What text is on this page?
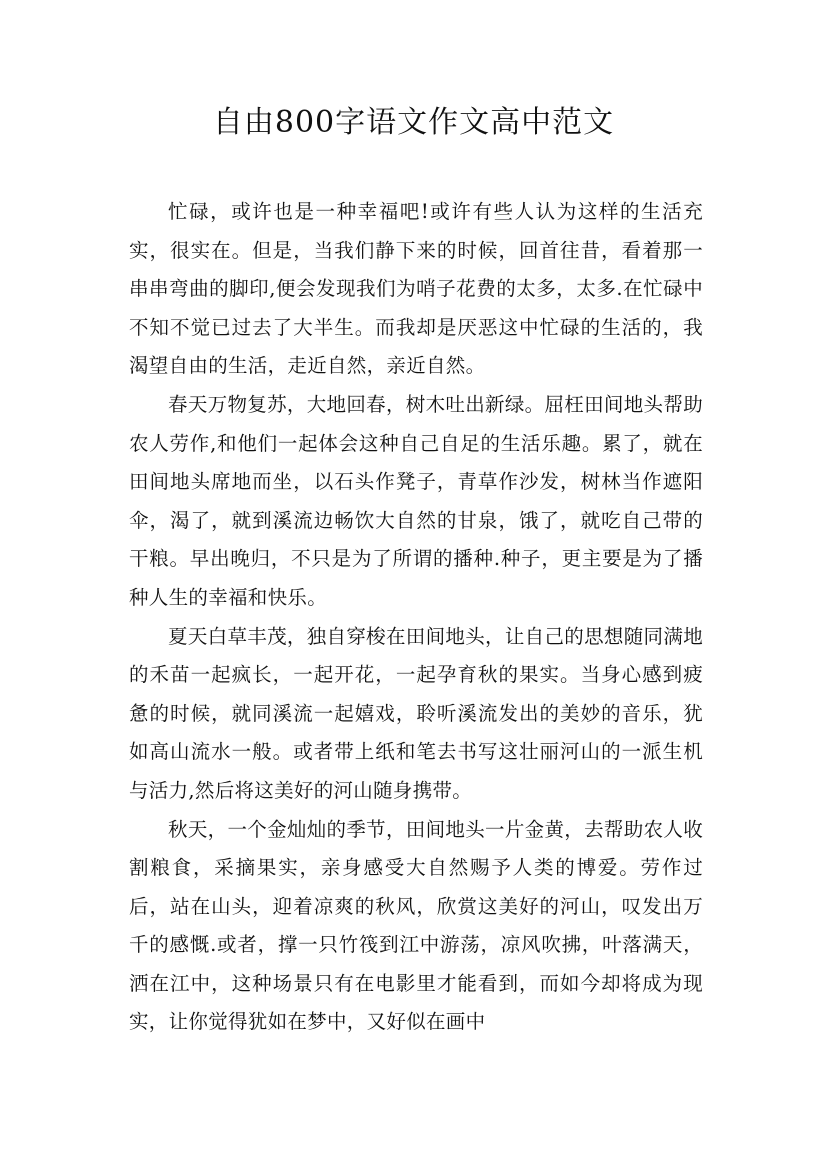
自由800字语文作文高中范文

忙碌，或许也是一种幸福吧!或许有些人认为这样的生活充实，很实在。但是，当我们静下来的时候，回首往昔，看着那一串串弯曲的脚印,便会发现我们为哨子花费的太多，太多.在忙碌中不知不觉已过去了大半生。而我却是厌恶这中忙碌的生活的，我渴望自由的生活，走近自然，亲近自然。

春天万物复苏，大地回春，树木吐出新绿。屈枉田间地头帮助农人劳作,和他们一起体会这种自己自足的生活乐趣。累了，就在田间地头席地而坐，以石头作凳子，青草作沙发，树林当作遮阳伞，渴了，就到溪流边畅饮大自然的甘泉，饿了，就吃自己带的干粮。早出晚归，不只是为了所谓的播种.种子，更主要是为了播种人生的幸福和快乐。

夏天白草丰茂，独自穿梭在田间地头，让自己的思想随同满地的禾苗一起疯长，一起开花，一起孕育秋的果实。当身心感到疲惫的时候，就同溪流一起嬉戏，聆听溪流发出的美妙的音乐，犹如高山流水一般。或者带上纸和笔去书写这壮丽河山的一派生机与活力,然后将这美好的河山随身携带。

秋天，一个金灿灿的季节，田间地头一片金黄，去帮助农人收割粮食，采摘果实，亲身感受大自然赐予人类的博爱。劳作过后，站在山头，迎着凉爽的秋风，欣赏这美好的河山，叹发出万千的感慨.或者，撑一只竹筏到江中游荡，凉风吹拂，叶落满天，洒在江中，这种场景只有在电影里才能看到，而如今却将成为现实，让你觉得犹如在梦中，又好似在画中
